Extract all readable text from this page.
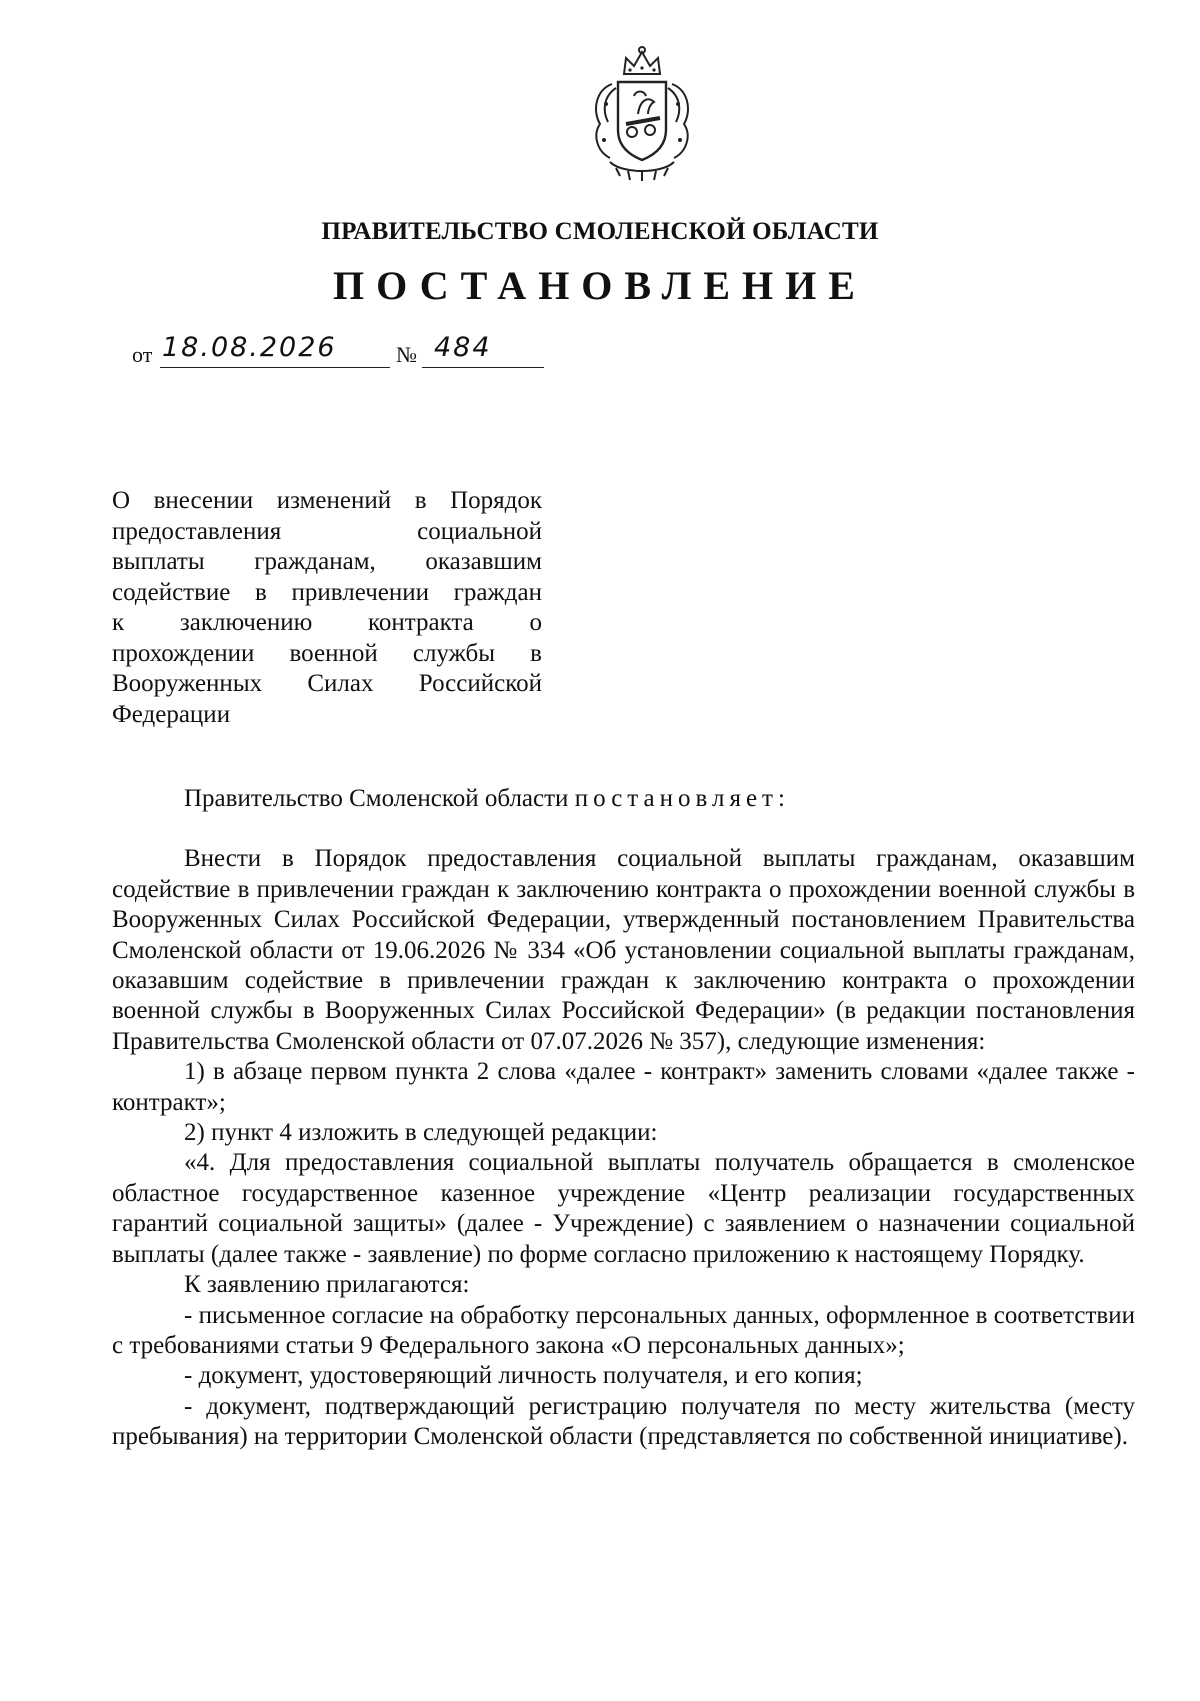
ПРАВИТЕЛЬСТВО СМОЛЕНСКОЙ ОБЛАСТИ
ПОСТАНОВЛЕНИЕ
от 18.08.2026	№ 484
О внесении изменений в Порядок
предоставления социальной
выплаты гражданам, оказавшим
содействие в привлечении граждан
к заключению контракта о
прохождении военной службы в
Вооруженных Силах Российской
Федерации

Правительство Смоленской области постановляет:

Внести в Порядок предоставления социальной выплаты гражданам, оказавшим содействие в привлечении граждан к заключению контракта о прохождении военной службы в Вооруженных Силах Российской Федерации, утвержденный постановлением Правительства Смоленской области от 19.06.2026 № 334 «Об установлении социальной выплаты гражданам, оказавшим содействие в привлечении граждан к заключению контракта о прохождении военной службы в Вооруженных Силах Российской Федерации» (в редакции постановления Правительства Смоленской области от 07.07.2026 № 357), следующие изменения:

1) в абзаце первом пункта 2 слова «далее - контракт» заменить словами «далее также - контракт»;

2) пункт 4 изложить в следующей редакции:

«4. Для предоставления социальной выплаты получатель обращается в смоленское областное государственное казенное учреждение «Центр реализации государственных гарантий социальной защиты» (далее - Учреждение) с заявлением о назначении социальной выплаты (далее также - заявление) по форме согласно приложению к настоящему Порядку.

К заявлению прилагаются:

- письменное согласие на обработку персональных данных, оформленное в соответствии с требованиями статьи 9 Федерального закона «О персональных данных»;

- документ, удостоверяющий личность получателя, и его копия;

- документ, подтверждающий регистрацию получателя по месту жительства (месту пребывания) на территории Смоленской области (представляется по собственной инициативе).
